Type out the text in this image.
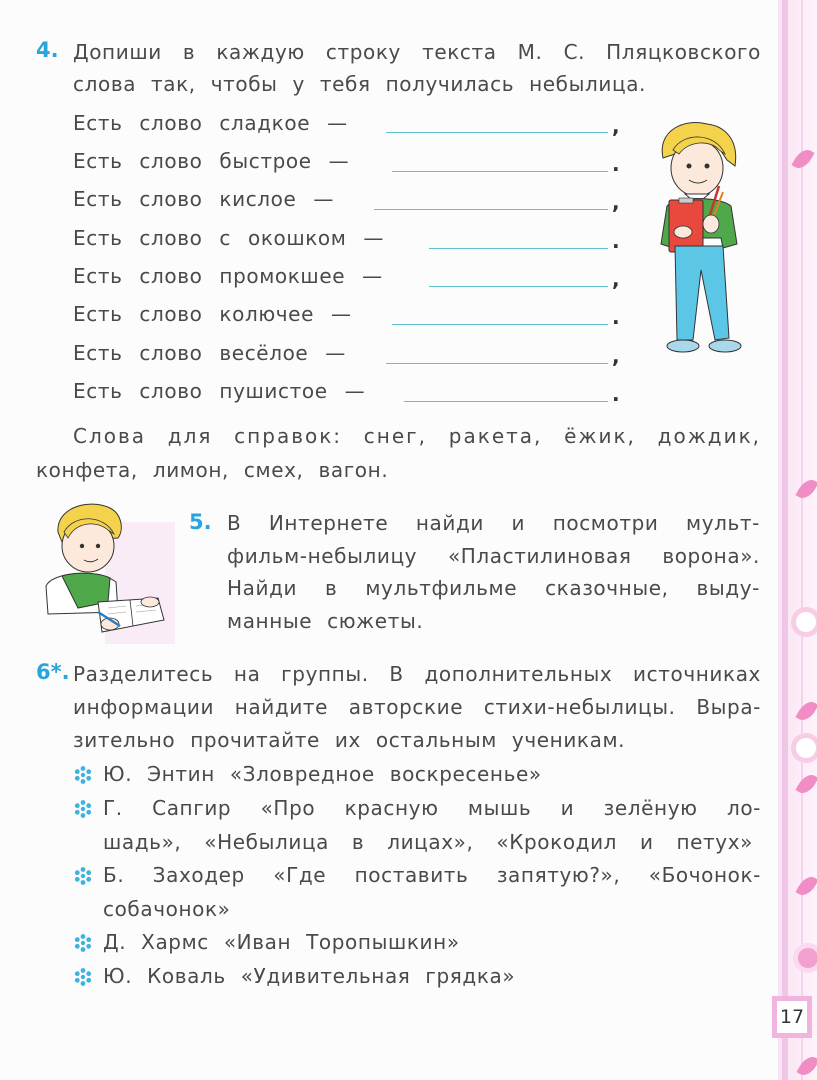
17
4. Допиши в каждую строку текста М. С. Пляцковского
слова так, чтобы у тебя получилась небылица.
Есть слово сладкое —	,
Есть слово быстрое —	.
Есть слово кислое —	,
Есть слово с окошком —	.
Есть слово промокшее —	,
Есть слово колючее —	.
Есть слово весёлое —	,
Есть слово пушистое —	.
Слова для справок: снег, ракета, ёжик, дождик,
конфета, лимон, смех, вагон.
5. В Интернете найди и посмотри мульт-
фильм-небылицу «Пластилиновая ворона».
Найди в мультфильме сказочные, выду-
манные сюжеты.
6*. Разделитесь на группы. В дополнительных источниках
информации найдите авторские стихи-небылицы. Выра-
зительно прочитайте их остальным ученикам.
Ю. Энтин «Зловредное воскресенье»
Г. Сапгир «Про красную мышь и зелёную ло-
шадь», «Небылица в лицах», «Крокодил и петух»
Б. Заходер «Где поставить запятую?», «Бочонок-
собачонок»
Д. Хармс «Иван Торопышкин»
Ю. Коваль «Удивительная грядка»
